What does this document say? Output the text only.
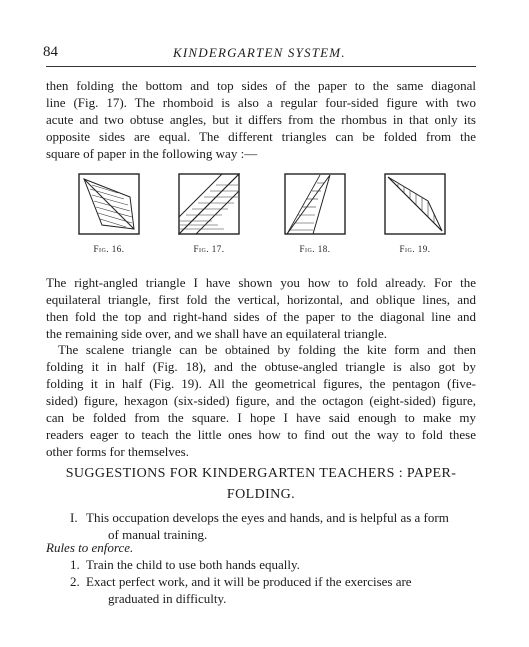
84	KINDERGARTEN SYSTEM.
then folding the bottom and top sides of the paper to the same diagonal
line (Fig. 17). The rhomboid is also a regular four-sided figure with two
acute and two obtuse angles, but it differs from the rhombus in that only its
opposite sides are equal. The different triangles can be folded from the
square of paper in the following way :—
Fig. 16.	Fig. 17.	Fig. 18.	Fig. 19.
The right-angled triangle I have shown you how to fold already. For the
equilateral triangle, first fold the vertical, horizontal, and oblique lines, and
then fold the top and right-hand sides of the paper to the diagonal line and
the remaining side over, and we shall have an equilateral triangle.
The scalene triangle can be obtained by folding the kite form and then
folding it in half (Fig. 18), and the obtuse-angled triangle is also got by
folding it in half (Fig. 19). All the geometrical figures, the pentagon (five-
sided) figure, hexagon (six-sided) figure, and the octagon (eight-sided) figure,
can be folded from the square. I hope I have said enough to make my
readers eager to teach the little ones how to find out the way to fold these
other forms for themselves.
SUGGESTIONS FOR KINDERGARTEN TEACHERS : PAPER-
FOLDING.
I. This occupation develops the eyes and hands, and is helpful as a form
of manual training.
Rules to enforce.
1. Train the child to use both hands equally.
2. Exact perfect work, and it will be produced if the exercises are
graduated in difficulty.
